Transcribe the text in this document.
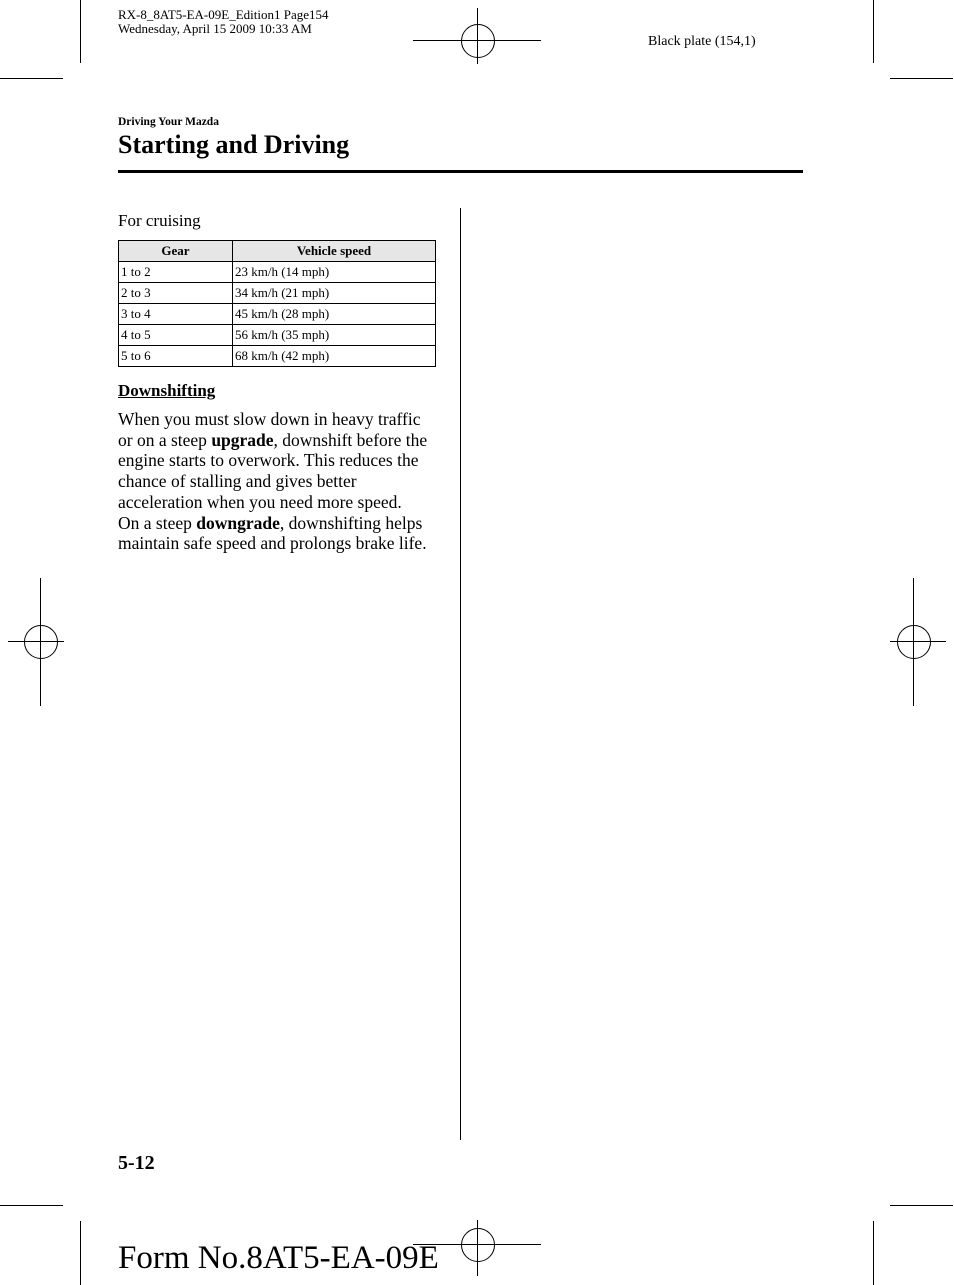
RX-8_8AT5-EA-09E_Edition1 Page154
Wednesday, April 15 2009 10:33 AM
Black plate (154,1)
Driving Your Mazda
Starting and Driving
For cruising
Gear	Vehicle speed
1 to 2	23 km/h (14 mph)
2 to 3	34 km/h (21 mph)
3 to 4	45 km/h (28 mph)
4 to 5	56 km/h (35 mph)
5 to 6	68 km/h (42 mph)
Downshifting

When you must slow down in heavy traffic or on a steep upgrade, downshift before the engine starts to overwork. This reduces the chance of stalling and gives better acceleration when you need more speed.

On a steep downgrade, downshifting helps maintain safe speed and prolongs brake life.

5-12
Form No.8AT5-EA-09E
